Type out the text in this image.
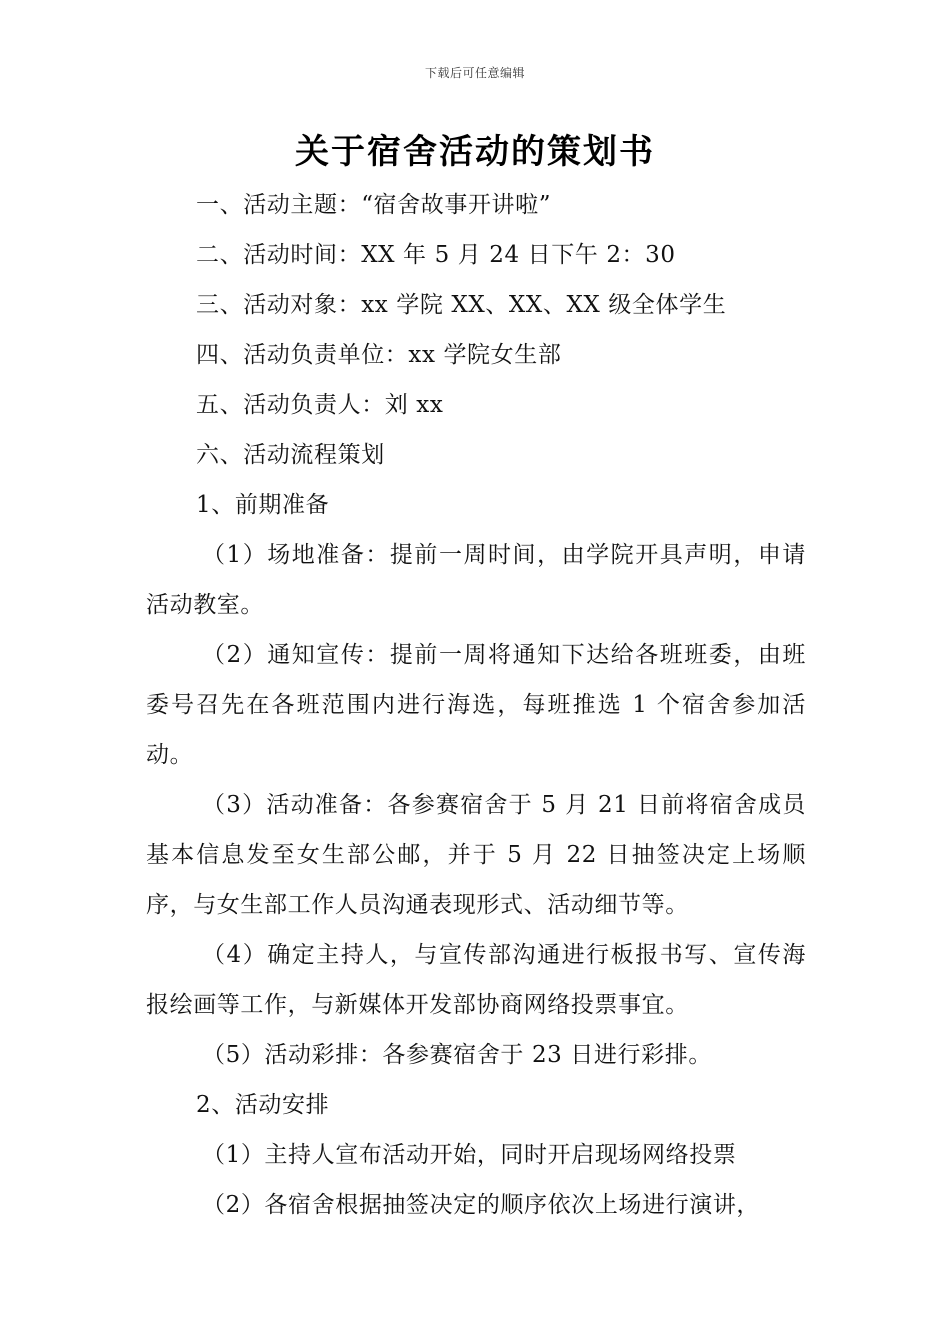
下载后可任意编辑
关于宿舍活动的策划书
一、活动主题：“宿舍故事开讲啦”
二、活动时间：XX 年 5 月 24 日下午 2：30
三、活动对象：xx 学院 XX、XX、XX 级全体学生
四、活动负责单位：xx 学院女生部
五、活动负责人：刘 xx
六、活动流程策划
1、前期准备

（1）场地准备：提前一周时间，由学院开具声明，申请活动教室。

（2）通知宣传：提前一周将通知下达给各班班委，由班委号召先在各班范围内进行海选，每班推选 1 个宿舍参加活动。

（3）活动准备：各参赛宿舍于 5 月 21 日前将宿舍成员基本信息发至女生部公邮，并于 5 月 22 日抽签决定上场顺序，与女生部工作人员沟通表现形式、活动细节等。

（4）确定主持人，与宣传部沟通进行板报书写、宣传海报绘画等工作，与新媒体开发部协商网络投票事宜。

（5）活动彩排：各参赛宿舍于 23 日进行彩排。

2、活动安排
（1）主持人宣布活动开始，同时开启现场网络投票
（2）各宿舍根据抽签决定的顺序依次上场进行演讲，
